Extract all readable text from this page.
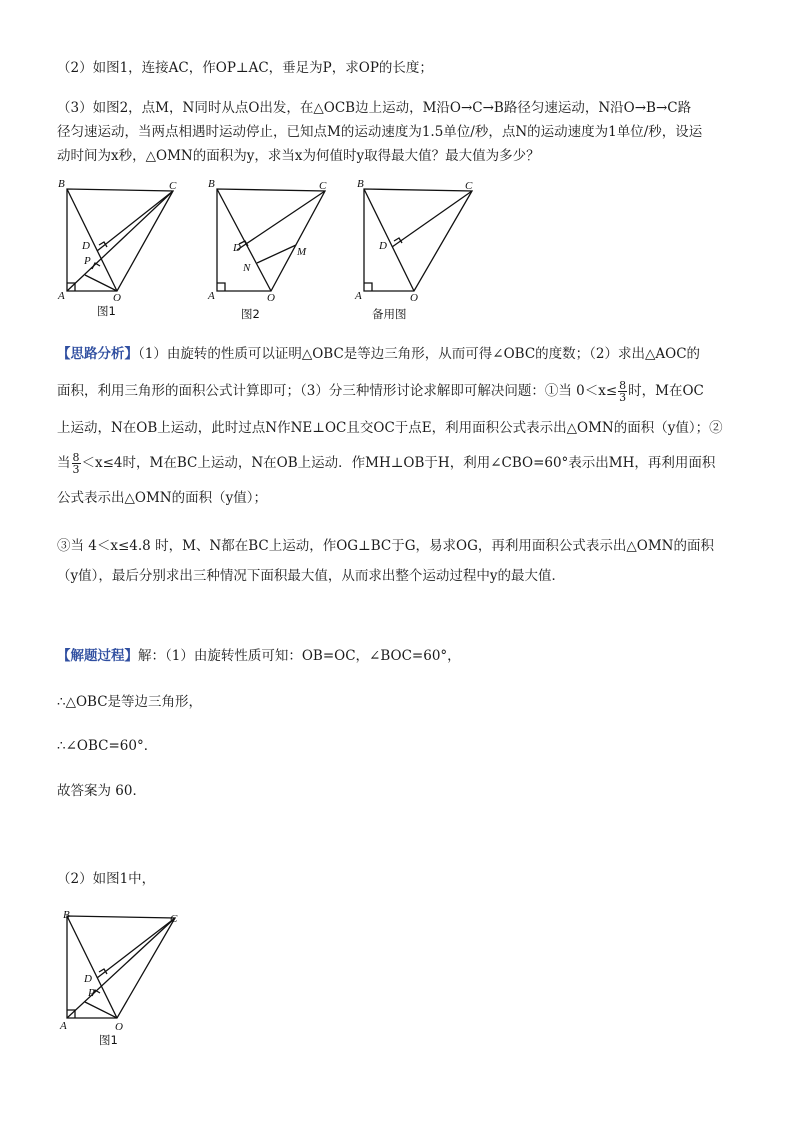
（2）如图1，连接AC，作OP⊥AC，垂足为P，求OP的长度；
（3）如图2，点M，N同时从点O出发，在△OCB边上运动，M沿O→C→B路径匀速运动，N沿O→B→C路
径匀速运动，当两点相遇时运动停止，已知点M的运动速度为1.5单位/秒，点N的运动速度为1单位/秒，设运
动时间为x秒，△OMN的面积为y，求当x为何值时y取得最大值？最大值为多少？
B	C
D
P
A	O
图1
B	C
D	M
N
A	O
图2
B	C
D
A	O
备用图
【思路分析】（1）由旋转的性质可以证明△OBC是等边三角形，从而可得∠OBC的度数；（2）求出△AOC的
面积，利用三角形的面积公式计算即可；（3）分三种情形讨论求解即可解决问题：①当 $0<x\le \frac{8}{3}$ 时，M在OC
上运动，N在OB上运动，此时过点N作NE⊥OC且交OC于点E，利用面积公式表示出△OMN的面积（y值）；②
当 $\frac{8}{3} <x\le 4$时，M在BC上运动，N在OB上运动．作MH⊥OB于H，利用∠CBO=60°表示出MH，再利用面积
公式表示出△OMN的面积（y值）；
③当 4＜x≤4.8 时，M、N都在BC上运动，作OG⊥BC于G，易求OG，再利用面积公式表示出△OMN的面积
（y值），最后分别求出三种情况下面积最大值，从而求出整个运动过程中y的最大值．
【解题过程】解：（1）由旋转性质可知：OB=OC，∠BOC=60°，
∴△OBC是等边三角形，
∴∠OBC=60°．
故答案为 60．
（2）如图1中，
B	C
D
P
A	O
图1
